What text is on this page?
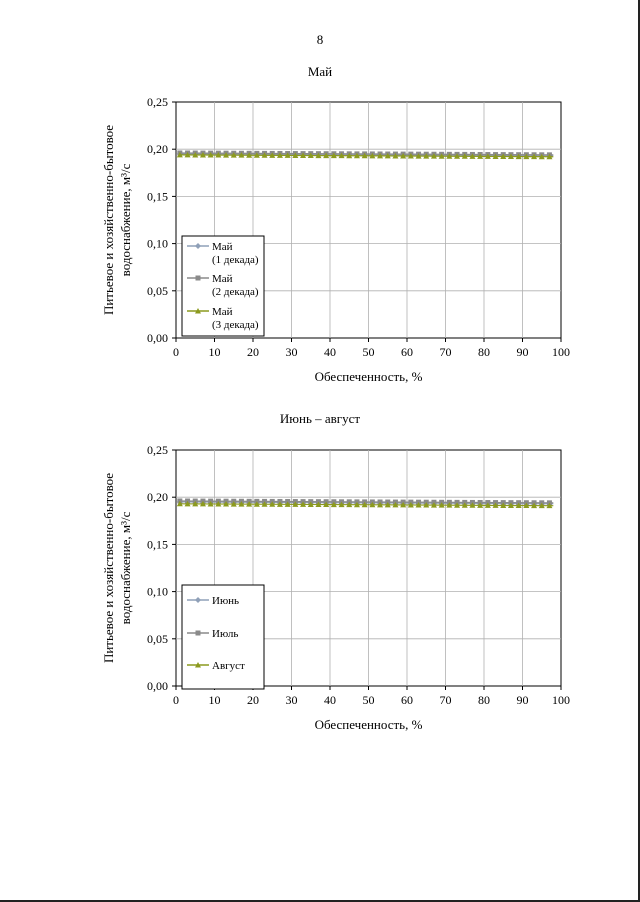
8
Май
0 10 20 30 40 50 60 70 80 90 100
0,00
0,05
0,10
0,15
0,20
0,25
Май
(1 декада)
Май
(2 декада)
Май
(3 декада)
Обеспеченность, %
Питьевое и хозяйственно-бытовое водоснабжение, м³/с
Июнь – август
0 10 20 30 40 50 60 70 80 90 100
0,00
0,05
0,10
0,15
0,20
0,25
Июнь
Июль
Август
Обеспеченность, %
Питьевое и хозяйственно-бытовое водоснабжение, м³/с
